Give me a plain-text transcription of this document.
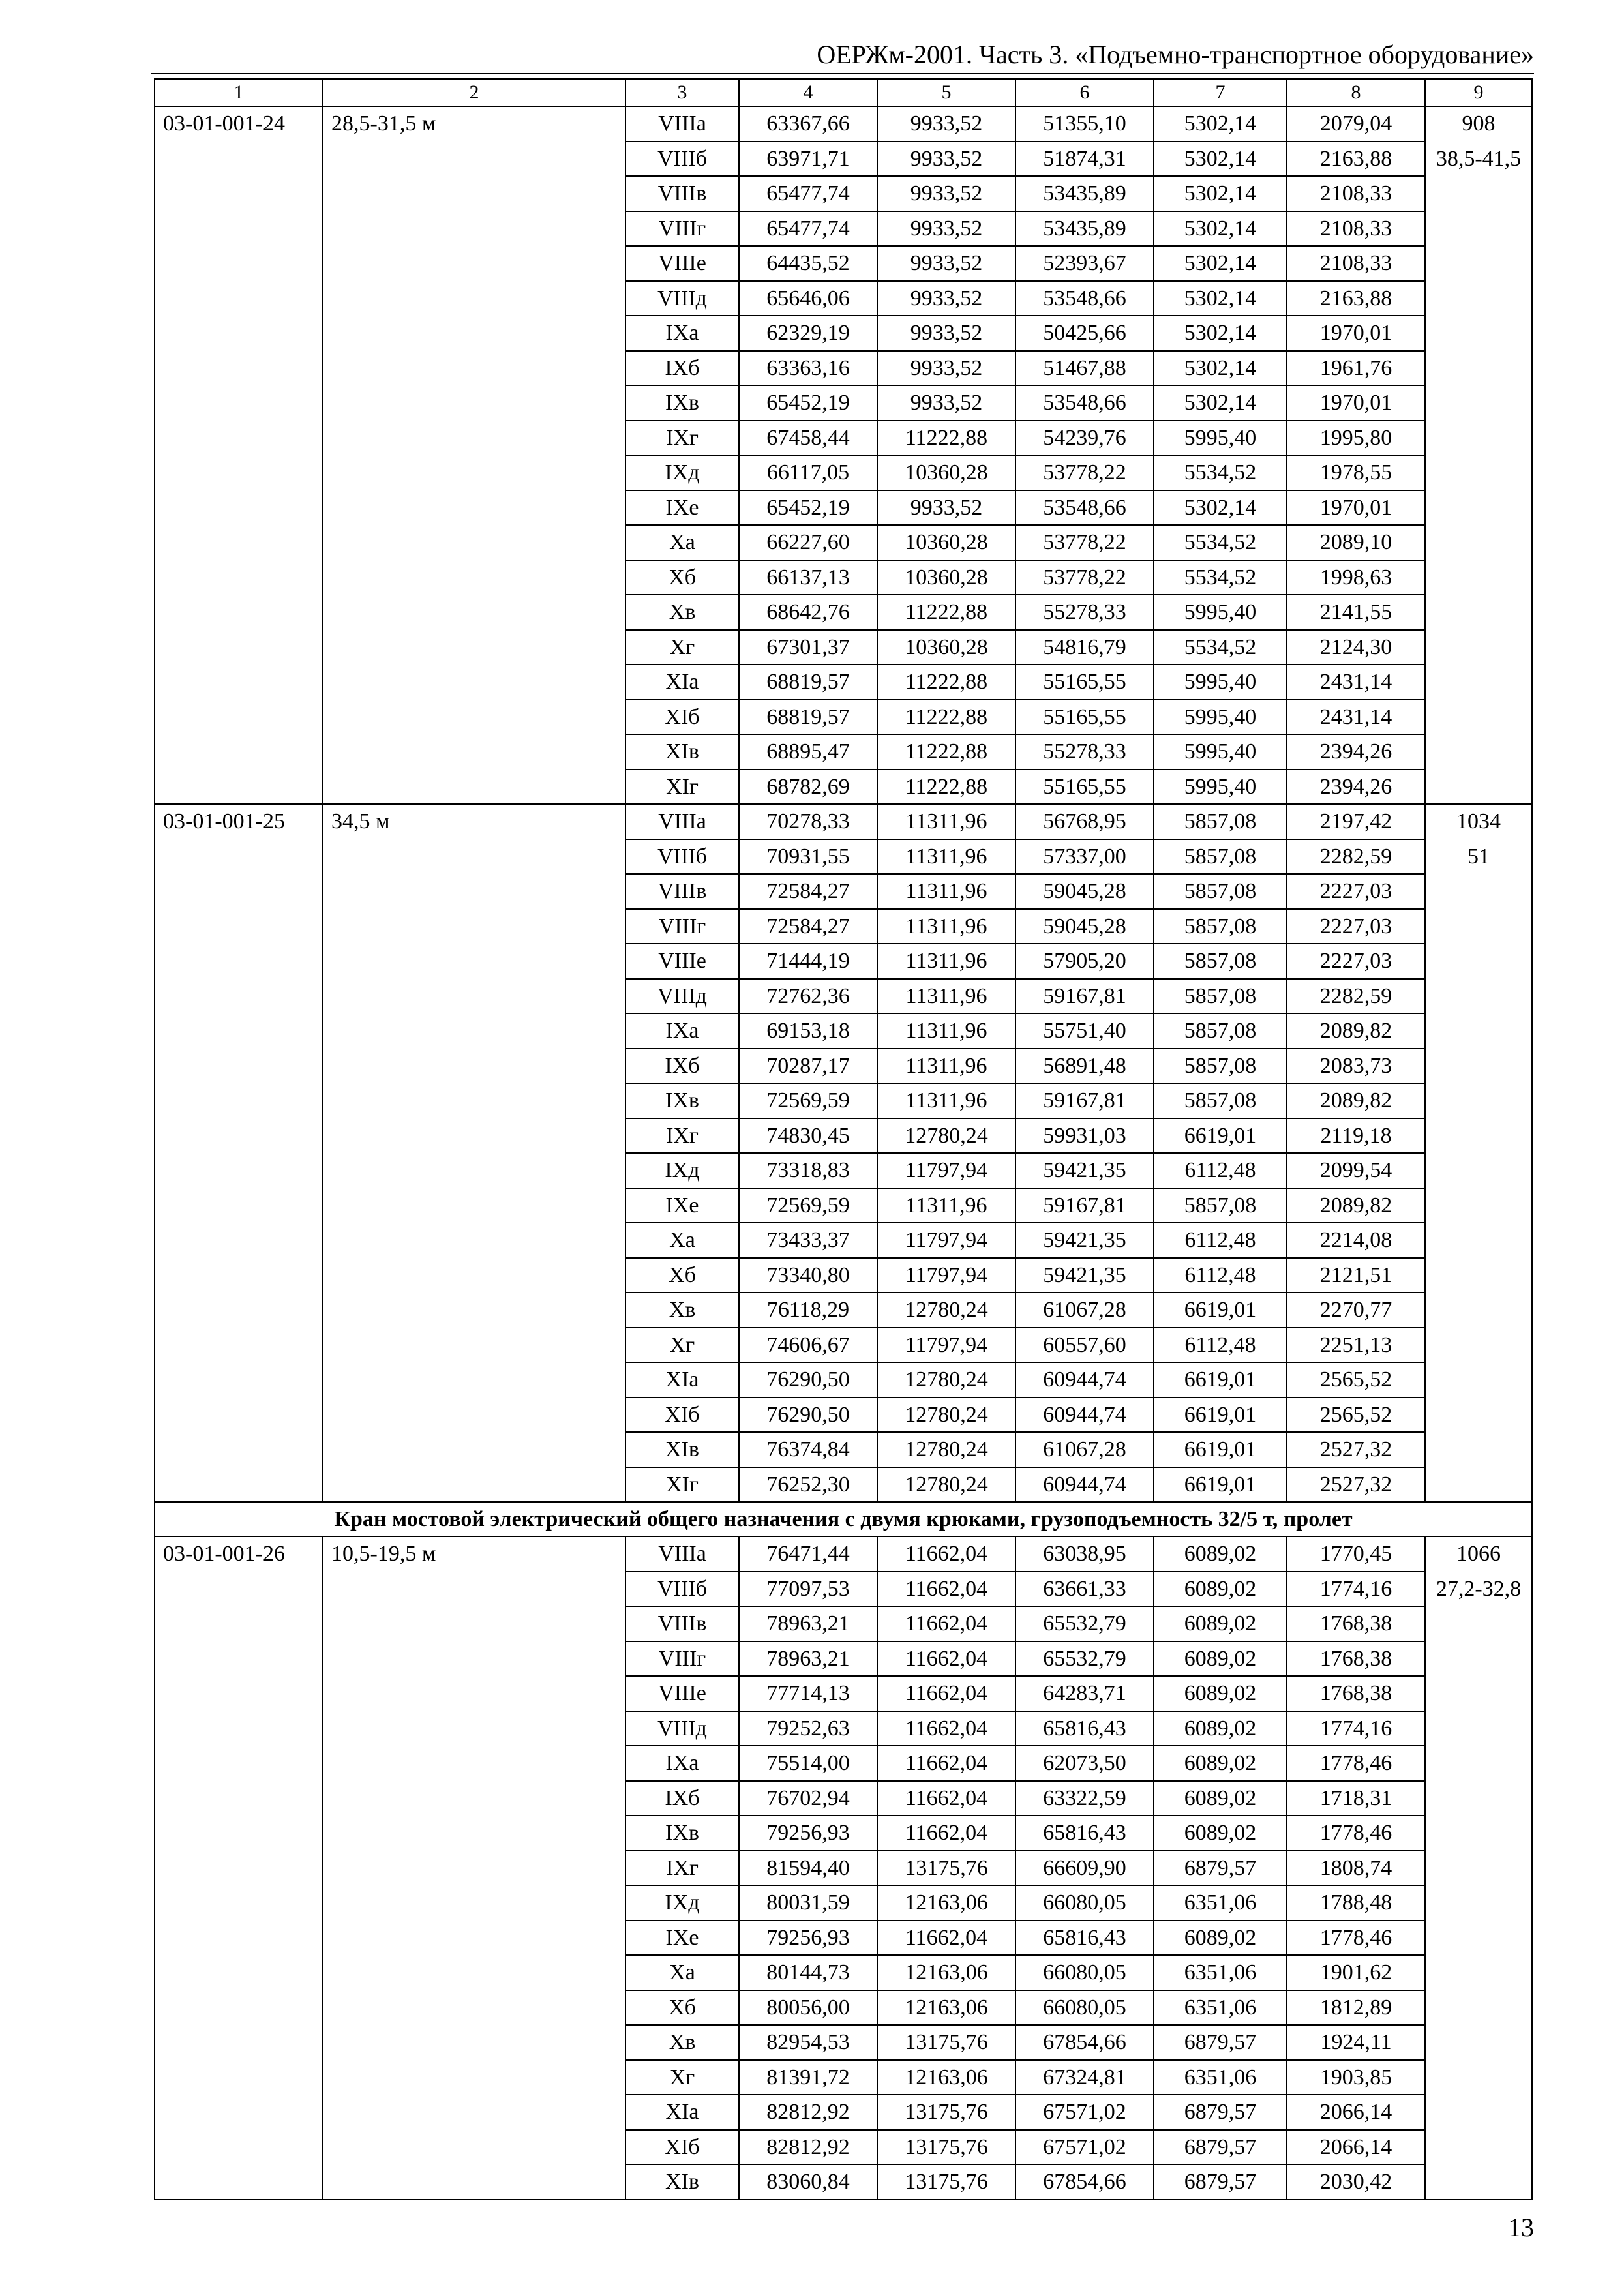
ОЕРЖм-2001. Часть 3. «Подъемно-транспортное оборудование»
1	2	3	4	5	6	7	8	9
03-01-001-24	28,5-31,5 м	VIIIа	63367,66	9933,52	51355,10	5302,14	2079,04	908
		VIIIб	63971,71	9933,52	51874,31	5302,14	2163,88	38,5-41,5
		VIIIв	65477,74	9933,52	53435,89	5302,14	2108,33	
		VIIIг	65477,74	9933,52	53435,89	5302,14	2108,33	
		VIIIе	64435,52	9933,52	52393,67	5302,14	2108,33	
		VIIIд	65646,06	9933,52	53548,66	5302,14	2163,88	
		IXа	62329,19	9933,52	50425,66	5302,14	1970,01	
		IXб	63363,16	9933,52	51467,88	5302,14	1961,76	
		IXв	65452,19	9933,52	53548,66	5302,14	1970,01	
		IXг	67458,44	11222,88	54239,76	5995,40	1995,80	
		IXд	66117,05	10360,28	53778,22	5534,52	1978,55	
		IXе	65452,19	9933,52	53548,66	5302,14	1970,01	
		Xа	66227,60	10360,28	53778,22	5534,52	2089,10	
		Xб	66137,13	10360,28	53778,22	5534,52	1998,63	
		Xв	68642,76	11222,88	55278,33	5995,40	2141,55	
		Xг	67301,37	10360,28	54816,79	5534,52	2124,30	
		XIа	68819,57	11222,88	55165,55	5995,40	2431,14	
		XIб	68819,57	11222,88	55165,55	5995,40	2431,14	
		XIв	68895,47	11222,88	55278,33	5995,40	2394,26	
		XIг	68782,69	11222,88	55165,55	5995,40	2394,26	
03-01-001-25	34,5 м	VIIIа	70278,33	11311,96	56768,95	5857,08	2197,42	1034
		VIIIб	70931,55	11311,96	57337,00	5857,08	2282,59	51
		VIIIв	72584,27	11311,96	59045,28	5857,08	2227,03	
		VIIIг	72584,27	11311,96	59045,28	5857,08	2227,03	
		VIIIе	71444,19	11311,96	57905,20	5857,08	2227,03	
		VIIIд	72762,36	11311,96	59167,81	5857,08	2282,59	
		IXа	69153,18	11311,96	55751,40	5857,08	2089,82	
		IXб	70287,17	11311,96	56891,48	5857,08	2083,73	
		IXв	72569,59	11311,96	59167,81	5857,08	2089,82	
		IXг	74830,45	12780,24	59931,03	6619,01	2119,18	
		IXд	73318,83	11797,94	59421,35	6112,48	2099,54	
		IXе	72569,59	11311,96	59167,81	5857,08	2089,82	
		Xа	73433,37	11797,94	59421,35	6112,48	2214,08	
		Xб	73340,80	11797,94	59421,35	6112,48	2121,51	
		Xв	76118,29	12780,24	61067,28	6619,01	2270,77	
		Xг	74606,67	11797,94	60557,60	6112,48	2251,13	
		XIа	76290,50	12780,24	60944,74	6619,01	2565,52	
		XIб	76290,50	12780,24	60944,74	6619,01	2565,52	
		XIв	76374,84	12780,24	61067,28	6619,01	2527,32	
		XIг	76252,30	12780,24	60944,74	6619,01	2527,32	
Кран мостовой электрический общего назначения с двумя крюками, грузоподъемность 32/5 т, пролет								
03-01-001-26	10,5-19,5 м	VIIIа	76471,44	11662,04	63038,95	6089,02	1770,45	1066
		VIIIб	77097,53	11662,04	63661,33	6089,02	1774,16	27,2-32,8
		VIIIв	78963,21	11662,04	65532,79	6089,02	1768,38	
		VIIIг	78963,21	11662,04	65532,79	6089,02	1768,38	
		VIIIе	77714,13	11662,04	64283,71	6089,02	1768,38	
		VIIIд	79252,63	11662,04	65816,43	6089,02	1774,16	
		IXа	75514,00	11662,04	62073,50	6089,02	1778,46	
		IXб	76702,94	11662,04	63322,59	6089,02	1718,31	
		IXв	79256,93	11662,04	65816,43	6089,02	1778,46	
		IXг	81594,40	13175,76	66609,90	6879,57	1808,74	
		IXд	80031,59	12163,06	66080,05	6351,06	1788,48	
		IXе	79256,93	11662,04	65816,43	6089,02	1778,46	
		Xа	80144,73	12163,06	66080,05	6351,06	1901,62	
		Xб	80056,00	12163,06	66080,05	6351,06	1812,89	
		Xв	82954,53	13175,76	67854,66	6879,57	1924,11	
		Xг	81391,72	12163,06	67324,81	6351,06	1903,85	
		XIа	82812,92	13175,76	67571,02	6879,57	2066,14	
		XIб	82812,92	13175,76	67571,02	6879,57	2066,14	
		XIв	83060,84	13175,76	67854,66	6879,57	2030,42	
13
